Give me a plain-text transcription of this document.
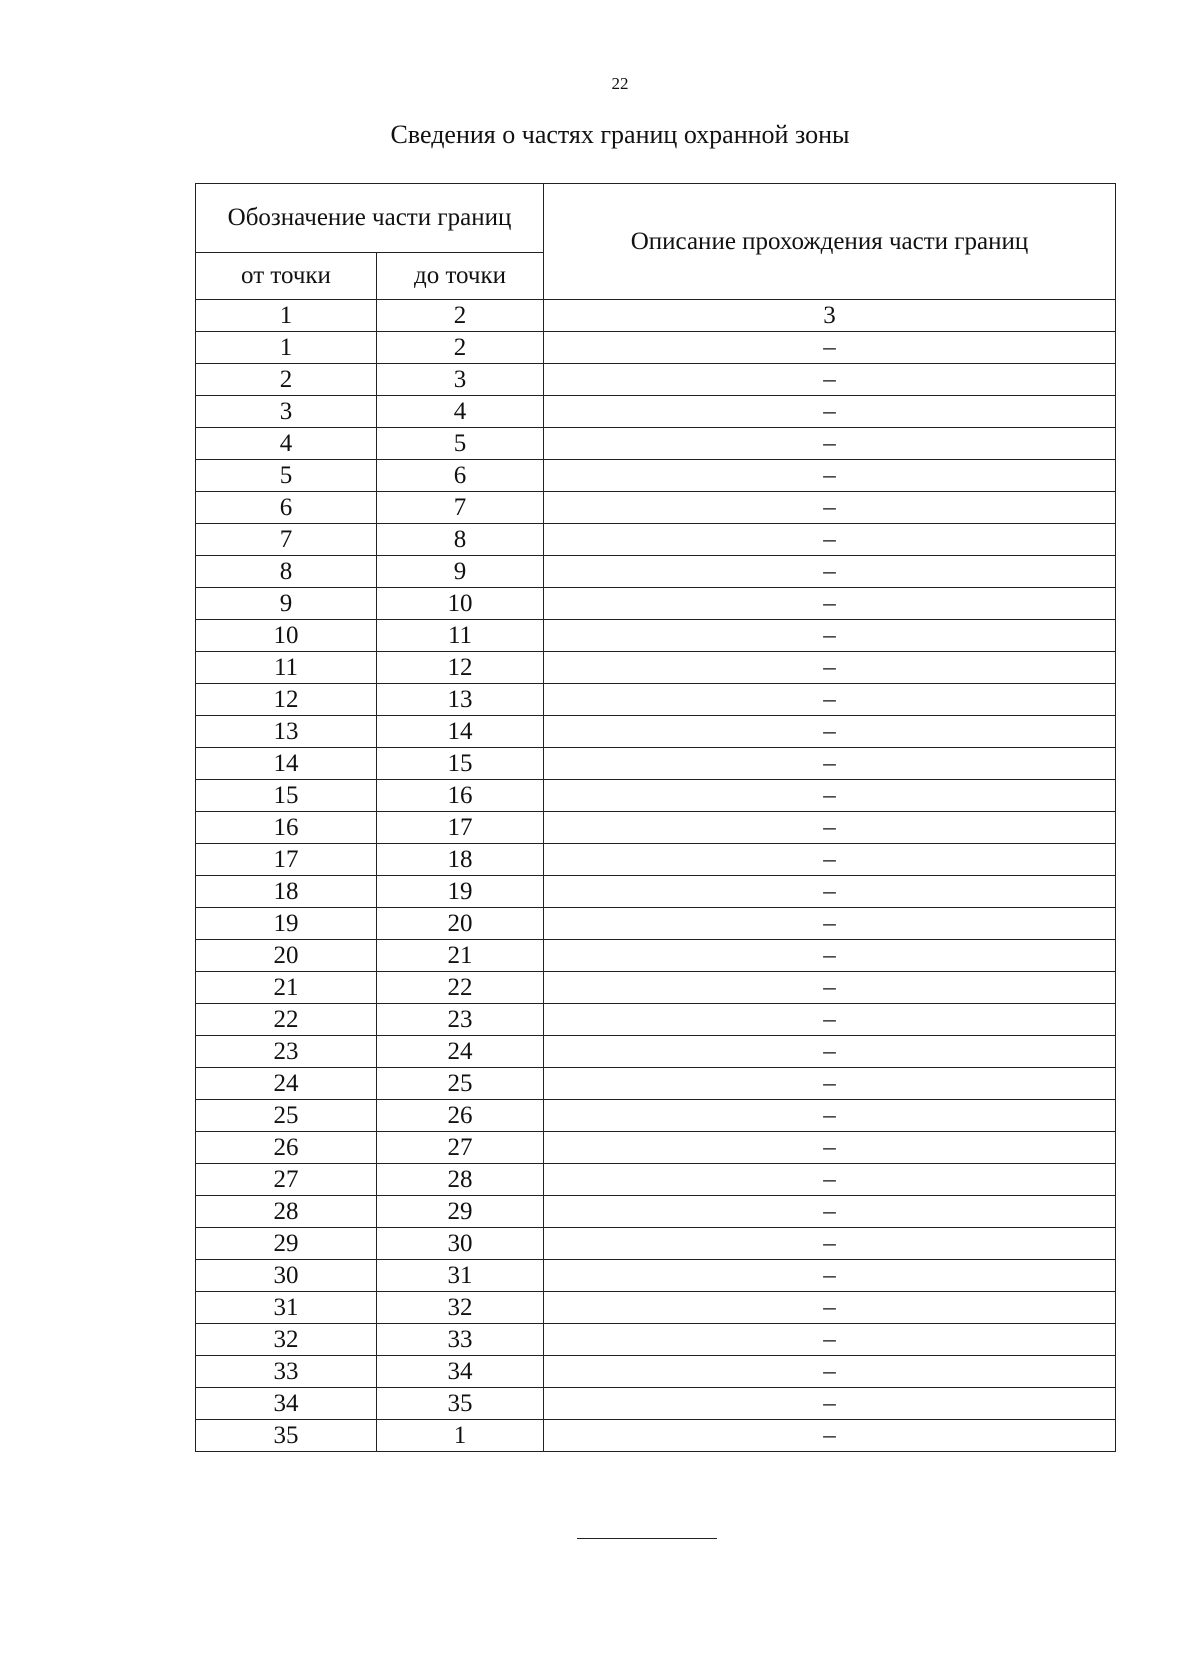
22
Сведения о частях границ охранной зоны
Обозначение части границ		Описание прохождения части границ
от точки	до точки	
1	2	3
1	2	–
2	3	–
3	4	–
4	5	–
5	6	–
6	7	–
7	8	–
8	9	–
9	10	–
10	11	–
11	12	–
12	13	–
13	14	–
14	15	–
15	16	–
16	17	–
17	18	–
18	19	–
19	20	–
20	21	–
21	22	–
22	23	–
23	24	–
24	25	–
25	26	–
26	27	–
27	28	–
28	29	–
29	30	–
30	31	–
31	32	–
32	33	–
33	34	–
34	35	–
35	1	–
